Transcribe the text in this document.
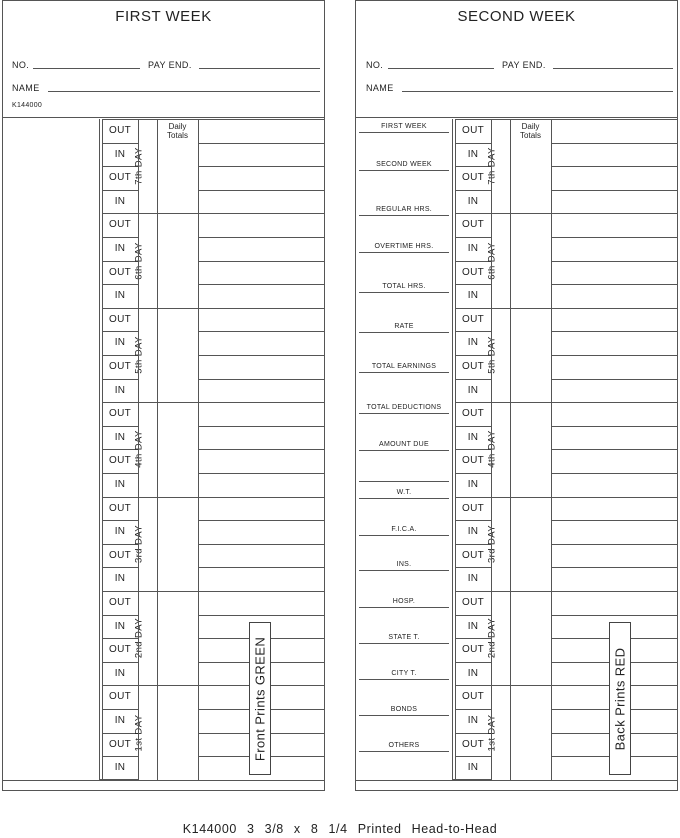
IN
OUT
IN
OUT
1st DAY
IN
OUT
IN
OUT
2nd DAY
IN
OUT
IN
OUT
3rd DAY
IN
OUT
IN
OUT
4th DAY
IN
OUT
IN
OUT
5th DAY
IN
OUT
IN
OUT
6th DAY
IN
OUT
IN
OUT
7th DAY
Daily Totals
FIRST WEEK
NO.	PAY END.
NAME
K144000
Front Prints GREEN	OTHERS
BONDS
CITY T.
STATE T.
HOSP.
INS.
F.I.C.A.
W.T.
AMOUNT DUE
TOTAL DEDUCTIONS
TOTAL EARNINGS
RATE
TOTAL HRS.
OVERTIME HRS.
REGULAR HRS.
SECOND WEEK
FIRST WEEK
IN
OUT
IN
OUT
1st DAY
IN
OUT
IN
OUT
2nd DAY
IN
OUT
IN
OUT
3rd DAY
IN
OUT
IN
OUT
4th DAY
IN
OUT
IN
OUT
5th DAY
IN
OUT
IN
OUT
6th DAY
IN
OUT
IN
OUT
7th DAY
Daily Totals
SECOND WEEK
NO.	PAY END.
NAME
Back Prints RED
K144000 3 3/8 x 8 1/4 Printed Head-to-Head
